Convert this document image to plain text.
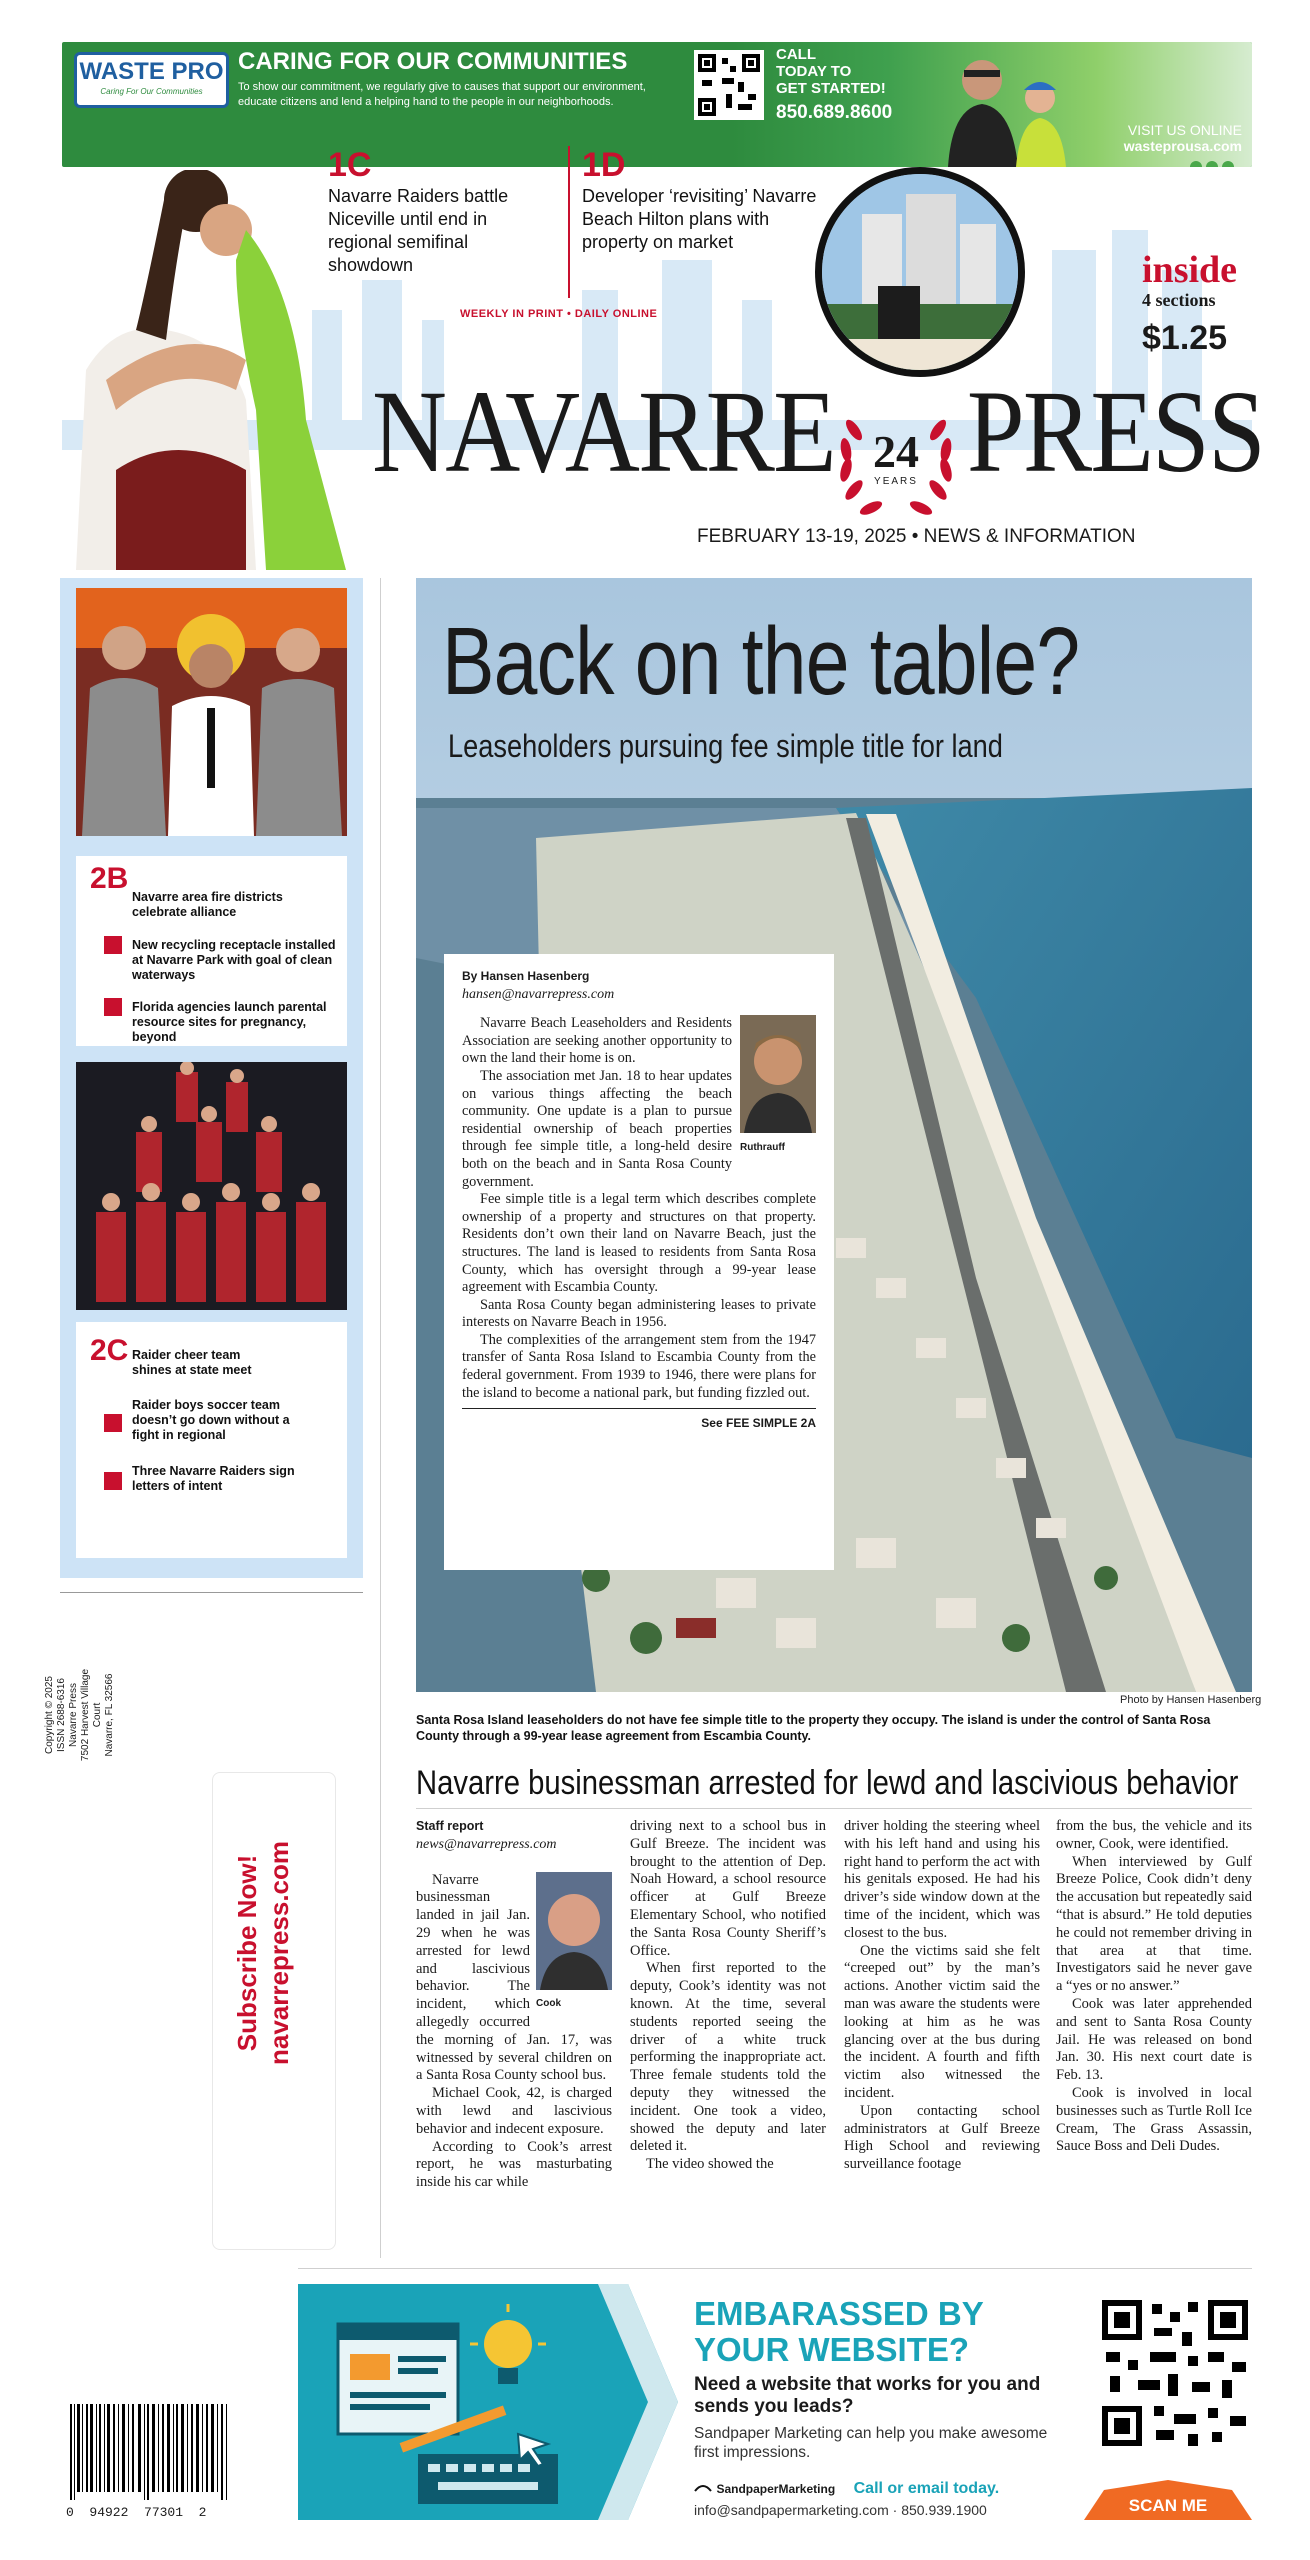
WASTE PRO
Caring For Our Communities
CARING FOR OUR COMMUNITIES
To show our commitment, we regularly give to causes that support our environment, educate citizens and lend a helping hand to the people in our neighborhoods.
CALL
TODAY TO
GET STARTED!
850.689.8600
VISIT US ONLINE
wasteprousa.com
1C
Navarre Raiders battle Niceville until end in regional semifinal showdown
1D
Developer ‘revisiting’ Navarre Beach Hilton plans with property on market
inside
4 sections
$1.25
WEEKLY IN PRINT • DAILY ONLINE
NAVARRE PRESS
24
YEARS
FEBRUARY 13-19, 2025 • NEWS & INFORMATION
2B
Navarre area fire districts celebrate alliance
New recycling receptacle installed at Navarre Park with goal of clean waterways
Florida agencies launch parental resource sites for pregnancy, beyond
2C Raider cheer team shines at state meet
Raider boys soccer team doesn’t go down without a fight in regional
Three Navarre Raiders sign letters of intent
Copyright © 2025 ISSN 2688-6316 Navarre Press 7502 Harvest Village Court Navarre, FL 32566
Subscribe Now! navarrepress.com
Back on the table?
Leaseholders pursuing fee simple title for land
By Hansen Hasenberg
hansen@navarrepress.com
Ruthrauff

Navarre Beach Leaseholders and Residents Association are seeking another opportunity to own the land their home is on.

The association met Jan. 18 to hear updates on various things affecting the beach community. One update is a plan to pursue residential ownership of beach properties through fee simple title, a long-held desire both on the beach and in Santa Rosa County government.

Fee simple title is a legal term which describes complete ownership of a property and structures on that property. Residents don’t own their land on Navarre Beach, just the structures. The land is leased to residents from Santa Rosa County, which has oversight through a 99-year lease agreement with Escambia County.

Santa Rosa County began administering leases to private interests on Navarre Beach in 1956.

The complexities of the arrangement stem from the 1947 transfer of Santa Rosa Island to Escambia County from the federal government. From 1939 to 1946, there were plans for the island to become a national park, but funding fizzled out.

See FEE SIMPLE 2A
Photo by Hansen Hasenberg
Santa Rosa Island leaseholders do not have fee simple title to the property they occupy. The island is under the control of Santa Rosa County through a 99-year lease agreement from Escambia County.
Navarre businessman arrested for lewd and lascivious behavior
Staff report
news@navarrepress.com
Cook

Navarre businessman landed in jail Jan. 29 when he was arrested for lewd and lascivious behavior. The incident, which allegedly occurred the morning of Jan. 17, was witnessed by several children on a Santa Rosa County school bus.

Michael Cook, 42, is charged with lewd and lascivious behavior and indecent exposure.

According to Cook’s arrest report, he was masturbating inside his car while

driving next to a school bus in Gulf Breeze. The incident was brought to the attention of Dep. Noah Howard, a school resource officer at Gulf Breeze Elementary School, who notified the Santa Rosa County Sheriff’s Office.

When first reported to the deputy, Cook’s identity was not known. At the time, several students reported seeing the driver of a white truck performing the inappropriate act. Three female students told the deputy they witnessed the incident. One took a video, showed the deputy and later deleted it.

The video showed the

driver holding the steering wheel with his left hand and using his right hand to perform the act with his genitals exposed. He had his driver’s side window down at the time of the incident, which was closest to the bus.

One the victims said she felt “creeped out” by the man’s actions. Another victim said the man was aware the students were looking at him as he was glancing over at the bus during the incident. A fourth and fifth victim also witnessed the incident.

Upon contacting school administrators at Gulf Breeze High School and reviewing surveillance footage

from the bus, the vehicle and its owner, Cook, were identified.

When interviewed by Gulf Breeze Police, Cook didn’t deny the accusation but repeatedly said “that is absurd.” He told deputies he could not remember driving in that area at that time. Investigators said he never gave a “yes or no answer.”

Cook was later apprehended and sent to Santa Rosa County Jail. He was released on bond Jan. 30. His next court date is Feb. 13.

Cook is involved in local businesses such as Turtle Roll Ice Cream, The Grass Assassin, Sauce Boss and Deli Dudes.

0  94922  77301  2
EMBARASSED BY
YOUR WEBSITE?
Need a website that works for you and sends you leads?
Sandpaper Marketing can help you make awesome first impressions.
SandpaperMarketing Call or email today.
info@sandpapermarketing.com · 850.939.1900	SCAN ME
